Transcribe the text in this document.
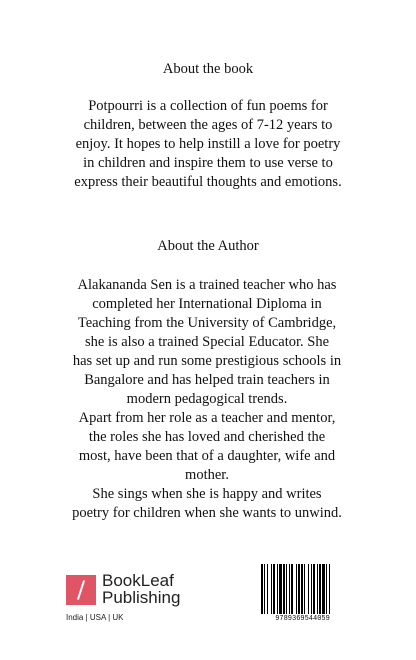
About the book
Potpourri is a collection of fun poems for
children, between the ages of 7-12 years to
enjoy. It hopes to help instill a love for poetry
in children and inspire them to use verse to
express their beautiful thoughts and emotions.
About the Author
Alakananda Sen is a trained teacher who has
completed her International Diploma in
Teaching from the University of Cambridge,
she is also a trained Special Educator. She
has set up and run some prestigious schools in
Bangalore and has helped train teachers in
modern pedagogical trends.
Apart from her role as a teacher and mentor,
the roles she has loved and cherished the
most, have been that of a daughter, wife and
mother.
She sings when she is happy and writes
poetry for children when she wants to unwind.
BookLeaf
Publishing
India | USA | UK	9789369544059
